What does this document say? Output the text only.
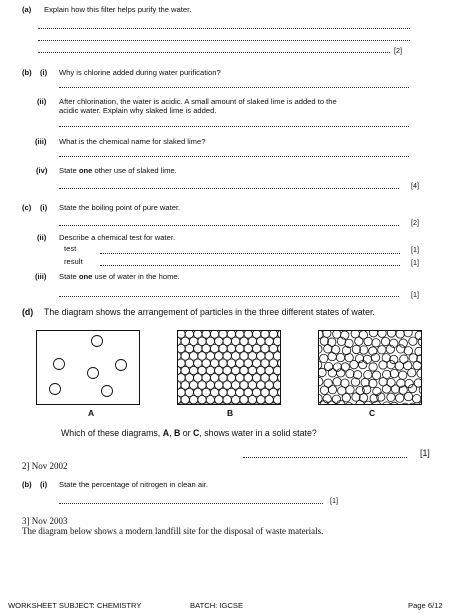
(a) Explain how this filter helps purify the water.
[2]
(b) (i) Why is chlorine added during water purification?
(ii) After chlorination, the water is acidic. A small amount of slaked lime is added to the
acidic water. Explain why slaked lime is added.
(iii) What is the chemical name for slaked lime?
(iv) State one other use of slaked lime.
[4]
(c) (i) State the boiling point of pure water.
[2]
(ii) Describe a chemical test for water.
test	[1]
result	[1]
(iii) State one use of water in the home.
[1]
(d) The diagram shows the arrangement of particles in the three different states of water.
A	B	C
Which of these diagrams, A, B or C, shows water in a solid state?
[1]
2] Nov 2002
(b) (i) State the percentage of nitrogen in clean air.
[1]
3] Nov 2003
The diagram below shows a modern landfill site for the disposal of waste materials.
WORKSHEET SUBJECT: CHEMISTRY	BATCH: IGCSE	Page 6/12
